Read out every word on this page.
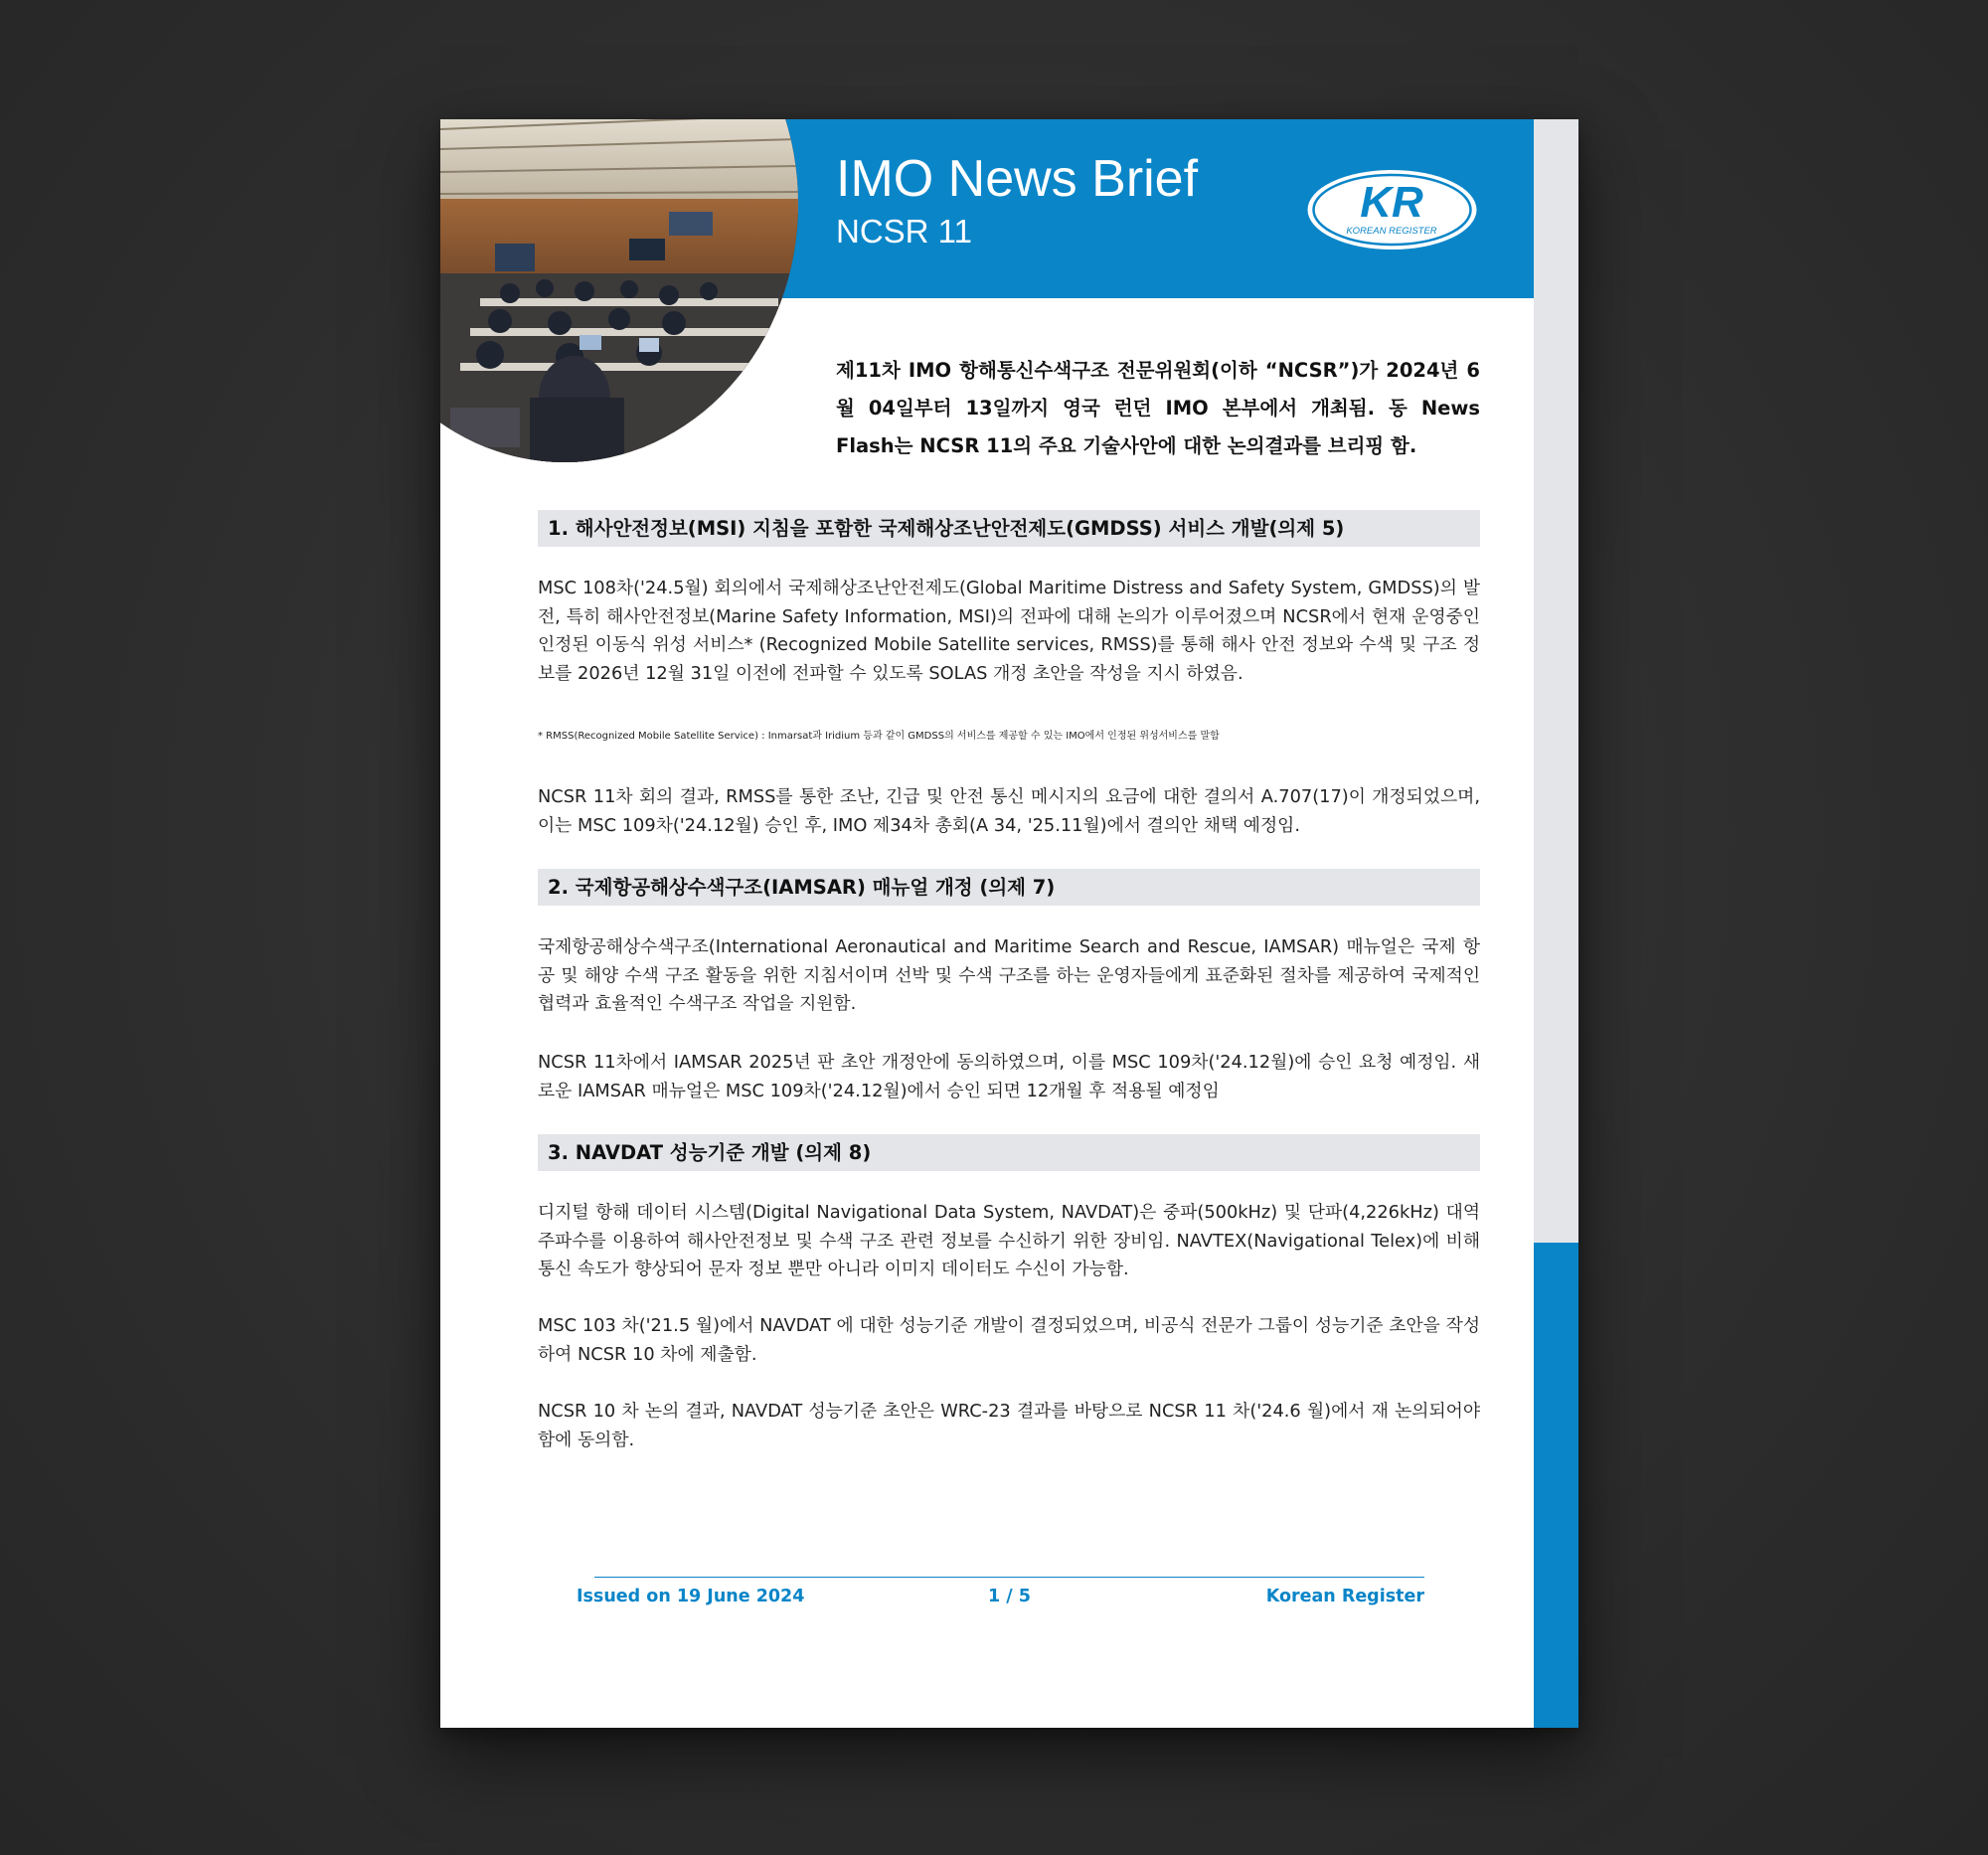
IMO News Brief
NCSR 11
KR
KOREAN REGISTER
제11차 IMO 항해통신수색구조 전문위원회(이하 “NCSR”)가 2024년 6월 04일부터 13일까지 영국 런던 IMO 본부에서 개최됨. 동 News Flash는 NCSR 11의 주요 기술사안에 대한 논의결과를 브리핑 함.
1. 해사안전정보(MSI) 지침을 포함한 국제해상조난안전제도(GMDSS) 서비스 개발(의제 5)
MSC 108차('24.5월) 회의에서 국제해상조난안전제도(Global Maritime Distress and Safety System, GMDSS)의 발전, 특히 해사안전정보(Marine Safety Information, MSI)의 전파에 대해 논의가 이루어졌으며 NCSR에서 현재 운영중인 인정된 이동식 위성 서비스* (Recognized Mobile Satellite services, RMSS)를 통해 해사 안전 정보와 수색 및 구조 정보를 2026년 12월 31일 이전에 전파할 수 있도록 SOLAS 개정 초안을 작성을 지시 하였음.
* RMSS(Recognized Mobile Satellite Service) : Inmarsat과 Iridium 등과 같이 GMDSS의 서비스를 제공할 수 있는 IMO에서 인정된 위성서비스를 말함
NCSR 11차 회의 결과, RMSS를 통한 조난, 긴급 및 안전 통신 메시지의 요금에 대한 결의서 A.707(17)이 개정되었으며, 이는 MSC 109차('24.12월) 승인 후, IMO 제34차 총회(A 34, '25.11월)에서 결의안 채택 예정임.
2. 국제항공해상수색구조(IAMSAR) 매뉴얼 개정 (의제 7)
국제항공해상수색구조(International Aeronautical and Maritime Search and Rescue, IAMSAR) 매뉴얼은 국제 항공 및 해양 수색 구조 활동을 위한 지침서이며 선박 및 수색 구조를 하는 운영자들에게 표준화된 절차를 제공하여 국제적인 협력과 효율적인 수색구조 작업을 지원함.
NCSR 11차에서 IAMSAR 2025년 판 초안 개정안에 동의하였으며, 이를 MSC 109차('24.12월)에 승인 요청 예정임. 새로운 IAMSAR 매뉴얼은 MSC 109차('24.12월)에서 승인 되면 12개월 후 적용될 예정임
3. NAVDAT 성능기준 개발 (의제 8)
디지털 항해 데이터 시스템(Digital Navigational Data System, NAVDAT)은 중파(500kHz) 및 단파(4,226kHz) 대역 주파수를 이용하여 해사안전정보 및 수색 구조 관련 정보를 수신하기 위한 장비임. NAVTEX(Navigational Telex)에 비해 통신 속도가 향상되어 문자 정보 뿐만 아니라 이미지 데이터도 수신이 가능함.
MSC 103 차('21.5 월)에서 NAVDAT 에 대한 성능기준 개발이 결정되었으며, 비공식 전문가 그룹이 성능기준 초안을 작성하여 NCSR 10 차에 제출함.
NCSR 10 차 논의 결과, NAVDAT 성능기준 초안은 WRC-23 결과를 바탕으로 NCSR 11 차('24.6 월)에서 재 논의되어야 함에 동의함.
Issued on 19 June 2024	1 / 5	Korean Register
